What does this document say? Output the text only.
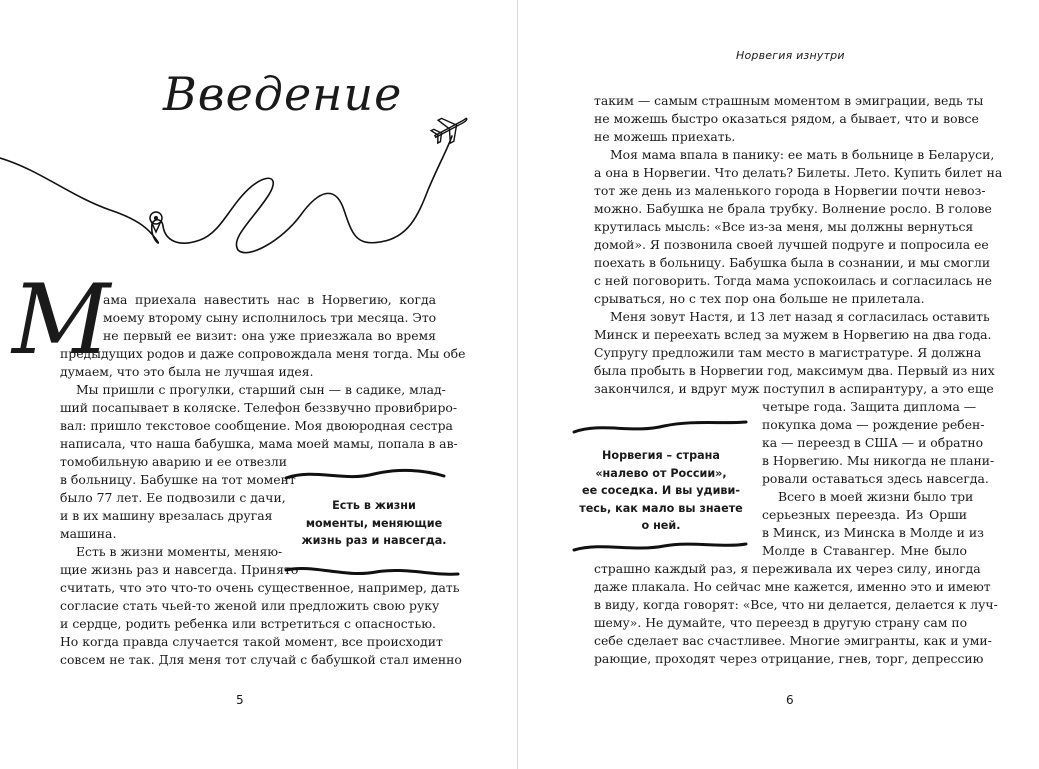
Введение
М
ама приехала навестить нас в Норвегию, когда
моему второму сыну исполнилось три месяца. Это
не первый ее визит: она уже приезжала во время
предыдущих родов и даже сопровождала меня тогда. Мы обе
думаем, что это была не лучшая идея.
Мы пришли с прогулки, старший сын — в садике, млад-
ший посапывает в коляске. Телефон беззвучно провибриро-
вал: пришло текстовое сообщение. Моя двоюродная сестра
написала, что наша бабушка, мама моей мамы, попала в ав-
томобильную аварию и ее отвезли
в больницу. Бабушке на тот момент
было 77 лет. Ее подвозили с дачи,
и в их машину врезалась другая
машина.
Есть в жизни моменты, меняю-
щие жизнь раз и навсегда. Принято
считать, что это что-то очень существенное, например, дать
согласие стать чьей-то женой или предложить свою руку
и сердце, родить ребенка или встретиться с опасностью.
Но когда правда случается такой момент, все происходит
совсем не так. Для меня тот случай с бабушкой стал именно
Есть в жизни
моменты, меняющие
жизнь раз и навсегда.
5
Норвегия изнутри
таким — самым страшным моментом в эмиграции, ведь ты
не можешь быстро оказаться рядом, а бывает, что и вовсе
не можешь приехать.
Моя мама впала в панику: ее мать в больнице в Беларуси,
а она в Норвегии. Что делать? Билеты. Лето. Купить билет на
тот же день из маленького города в Норвегии почти невоз-
можно. Бабушка не брала трубку. Волнение росло. В голове
крутилась мысль: «Все из-за меня, мы должны вернуться
домой». Я позвонила своей лучшей подруге и попросила ее
поехать в больницу. Бабушка была в сознании, и мы смогли
с ней поговорить. Тогда мама успокоилась и согласилась не
срываться, но с тех пор она больше не прилетала.
Меня зовут Настя, и 13 лет назад я согласилась оставить
Минск и переехать вслед за мужем в Норвегию на два года.
Супругу предложили там место в магистратуре. Я должна
была пробыть в Норвегии год, максимум два. Первый из них
закончился, и вдруг муж поступил в аспирантуру, а это еще
четыре года. Защита диплома —
покупка дома — рождение ребен-
ка — переезд в США — и обратно
в Норвегию. Мы никогда не плани-
ровали оставаться здесь навсегда.
Всего в моей жизни было три
серьезных переезда. Из Орши
в Минск, из Минска в Молде и из
Молде в Ставангер. Мне было
страшно каждый раз, я переживала их через силу, иногда
даже плакала. Но сейчас мне кажется, именно это и имеют
в виду, когда говорят: «Все, что ни делается, делается к луч-
шему». Не думайте, что переезд в другую страну сам по
себе сделает вас счастливее. Многие эмигранты, как и уми-
рающие, проходят через отрицание, гнев, торг, депрессию
Норвегия – страна
«налево от России»,
ее соседка. И вы удиви-
тесь, как мало вы знаете
о ней.
6
